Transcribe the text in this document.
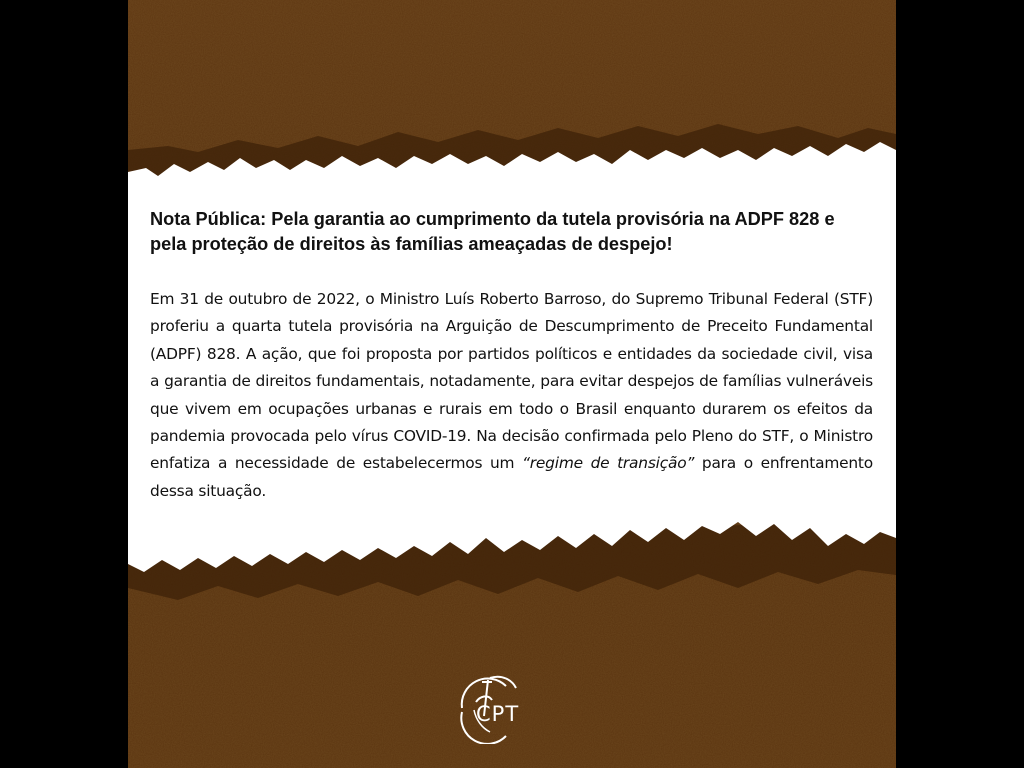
Nota Pública: Pela garantia ao cumprimento da tutela provisória na ADPF 828 e pela proteção de direitos às famílias ameaçadas de despejo!

Em 31 de outubro de 2022, o Ministro Luís Roberto Barroso, do Supremo Tribunal Federal (STF) proferiu a quarta tutela provisória na Arguição de Descumprimento de Preceito Fundamental (ADPF) 828. A ação, que foi proposta por partidos políticos e entidades da sociedade civil, visa a garantia de direitos fundamentais, notadamente, para evitar despejos de famílias vulneráveis que vivem em ocupações urbanas e rurais em todo o Brasil enquanto durarem os efeitos da pandemia provocada pelo vírus COVID-19. Na decisão confirmada pelo Pleno do STF, o Ministro enfatiza a necessidade de estabelecermos um “regime de transição” para o enfrentamento dessa situação.

CPT
